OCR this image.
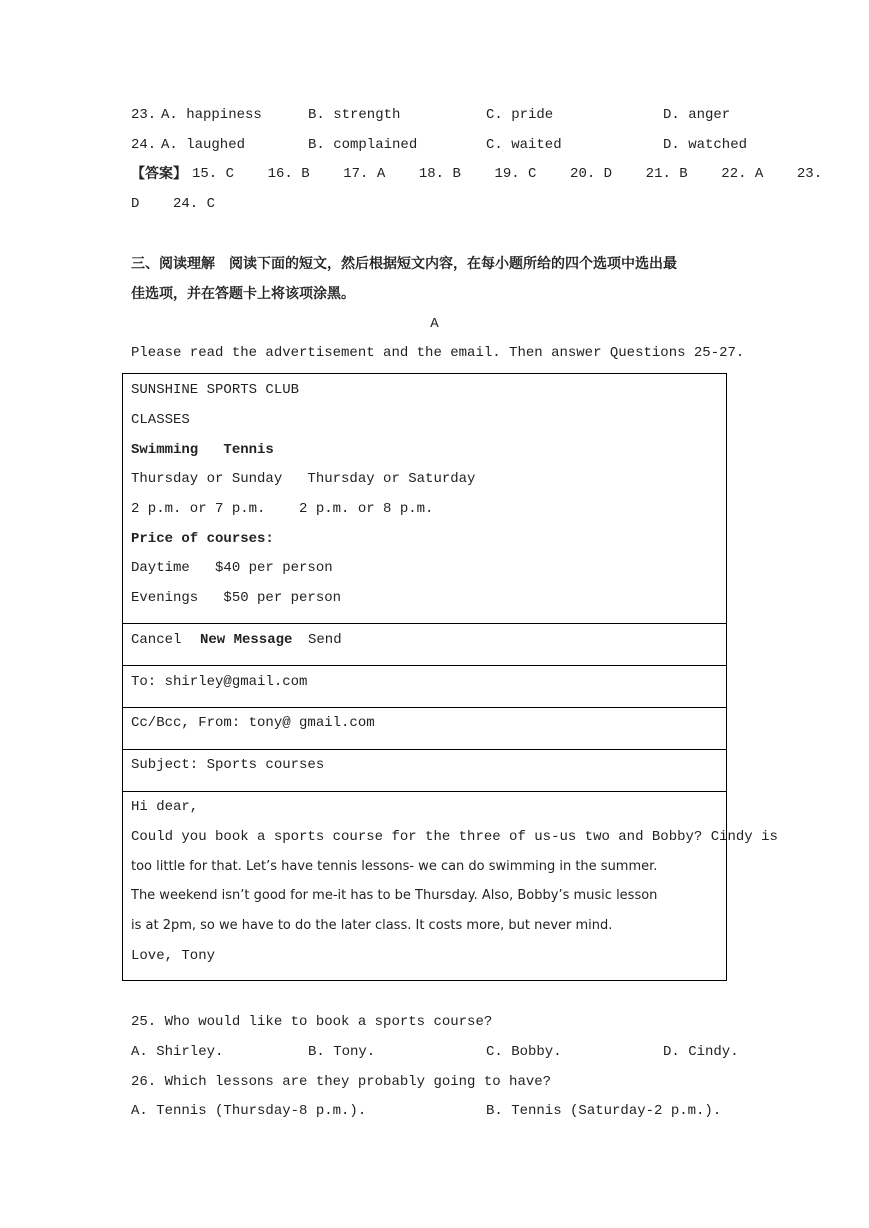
23. A. happiness	B. strength	C. pride	D. anger
24. A. laughed	B. complained	C. waited	D. watched
【答案】 15. C    16. B    17. A    18. B    19. C    20. D    21. B    22. A    23.
D    24. C
三、阅读理解　阅读下面的短文，然后根据短文内容，在每小题所给的四个选项中选出最
佳选项，并在答题卡上将该项涂黑。
A
Please read the advertisement and the email. Then answer Questions 25-27.
SUNSHINE SPORTS CLUB
CLASSES
Swimming   Tennis
Thursday or Sunday   Thursday or Saturday
2 p.m. or 7 p.m.    2 p.m. or 8 p.m.
Price of courses:
Daytime   $40 per person
Evenings   $50 per person
Cancel New Message Send
To: shirley@gmail.com
Cc/Bcc, From: tony@ gmail.com
Subject: Sports courses
Hi dear,
Could you book a sports course for the three of us-us two and Bobby? Cindy is
too little for that. Let’s have tennis lessons- we can do swimming in the summer.
The weekend isn’t good for me-it has to be Thursday. Also, Bobby’s music lesson
is at 2pm, so we have to do the later class. It costs more, but never mind.
Love, Tony
25. Who would like to book a sports course?
A. Shirley.	B. Tony.	C. Bobby.	D. Cindy.
26. Which lessons are they probably going to have?
A. Tennis (Thursday-8 p.m.).	B. Tennis (Saturday-2 p.m.).
